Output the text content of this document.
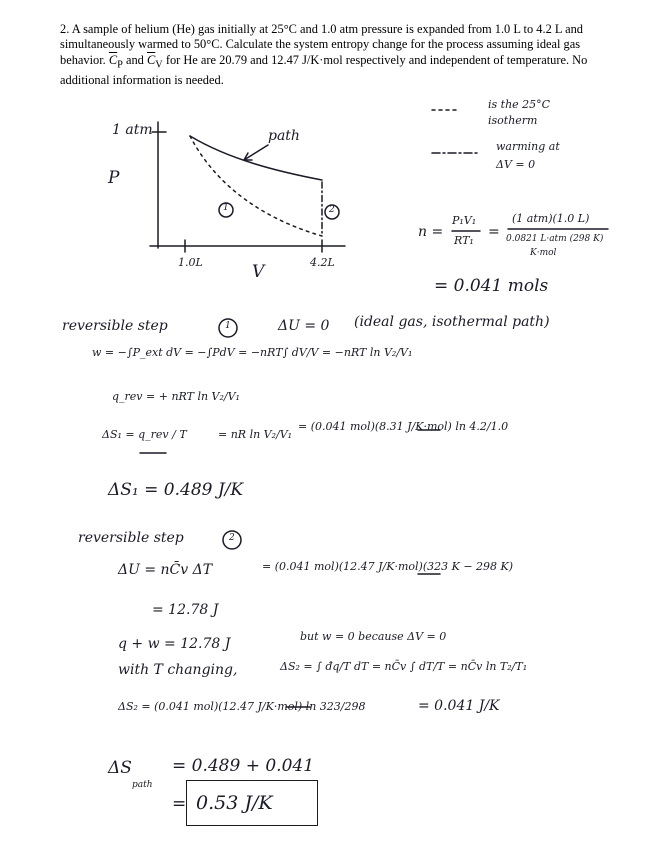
2. A sample of helium (He) gas initially at 25°C and 1.0 atm pressure is expanded from 1.0 L to 4.2 L and simultaneously warmed to 50°C. Calculate the system entropy change for the process assuming ideal gas behavior. $\overline{C}_P$ and $\overline{C}_V$ for He are 20.79 and 12.47 J/K·mol respectively and independent of temperature. No additional information is needed.
1 atm
P
V
1.0L	4.2L
path
1	2
is the 25°C
isotherm
warming at
ΔV = 0
n =
P₁V₁
RT₁
=
(1 atm)(1.0 L)
0.0821 L·atm (298 K)
K·mol
= 0.041 mols
reversible step	1	ΔU = 0 (ideal gas, isothermal path)
w = −∫P_ext dV = −∫PdV = −nRT∫ dV/V = −nRT ln V₂/V₁
q_rev = + nRT ln V₂/V₁
ΔS₁ = q_rev / T	= nR ln V₂/V₁
= (0.041 mol)(8.31 J/K·mol) ln 4.2/1.0
ΔS₁ = 0.489 J/K
reversible step	2
ΔU = nC̄v ΔT	= (0.041 mol)(12.47 J/K·mol)(323 K − 298 K)
= 12.78 J
q + w = 12.78 J	but w = 0 because ΔV = 0
with T changing,	ΔS₂ = ∫ đq/T dT = nC̄v ∫ dT/T = nC̄v ln T₂/T₁
ΔS₂ = (0.041 mol)(12.47 J/K·mol) ln 323/298	= 0.041 J/K
ΔS
path
= 0.489 + 0.041
= 0.53 J/K
